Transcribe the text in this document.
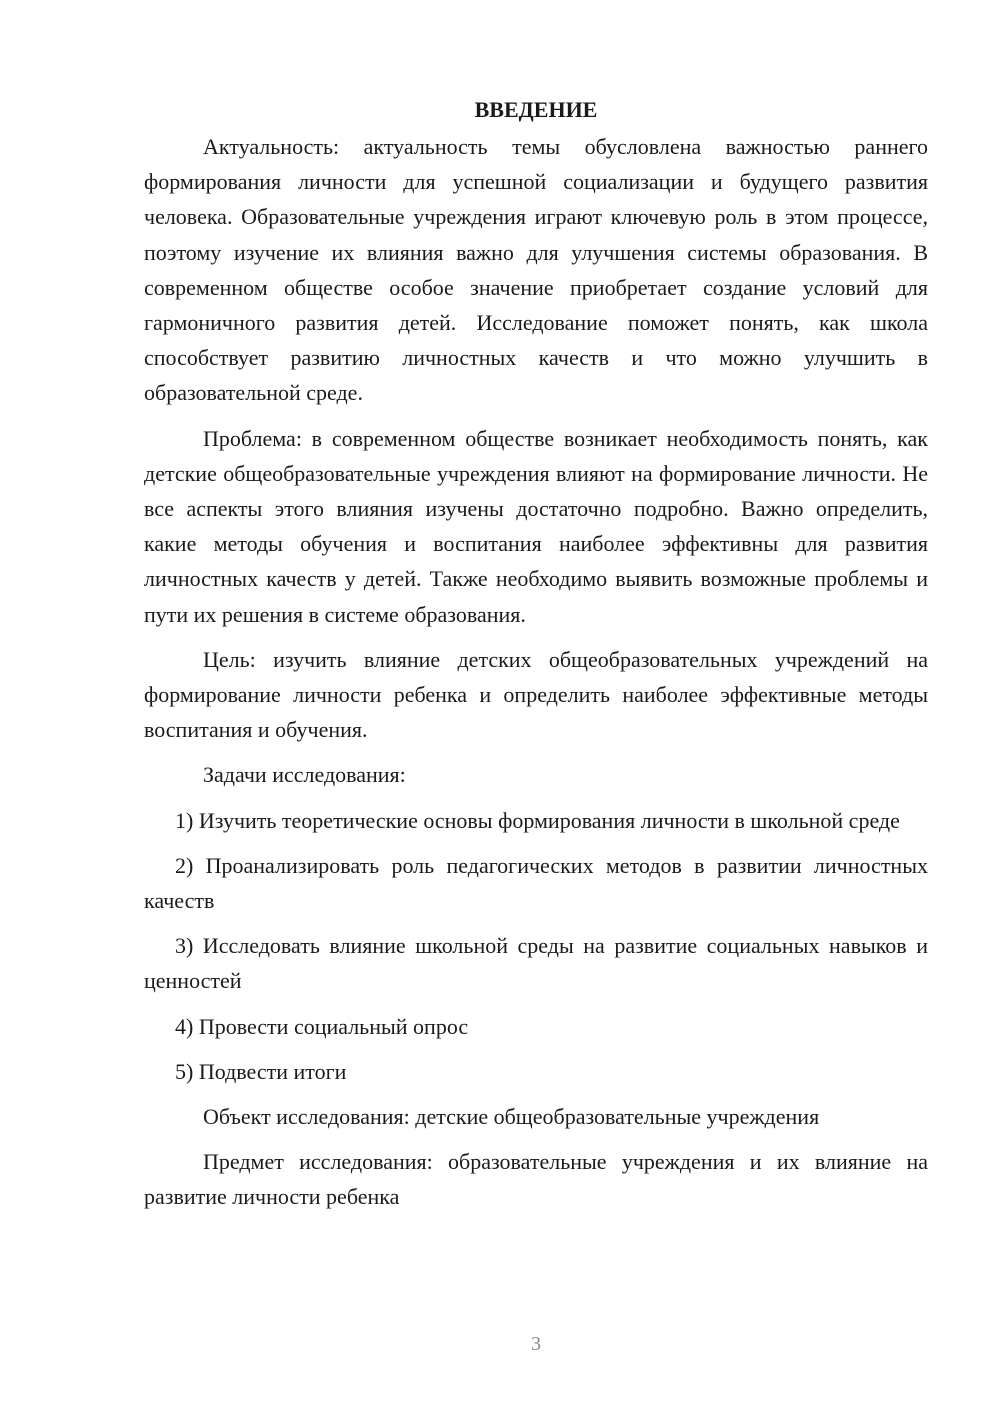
ВВЕДЕНИЕ

Актуальность: актуальность темы обусловлена важностью раннего формирования личности для успешной социализации и будущего развития человека. Образовательные учреждения играют ключевую роль в этом процессе, поэтому изучение их влияния важно для улучшения системы образования. В современном обществе особое значение приобретает создание условий для гармоничного развития детей. Исследование поможет понять, как школа способствует развитию личностных качеств и что можно улучшить в образовательной среде.

Проблема: в современном обществе возникает необходимость понять, как детские общеобразовательные учреждения влияют на формирование личности. Не все аспекты этого влияния изучены достаточно подробно. Важно определить, какие методы обучения и воспитания наиболее эффективны для развития личностных качеств у детей. Также необходимо выявить возможные проблемы и пути их решения в системе образования.

Цель: изучить влияние детских общеобразовательных учреждений на формирование личности ребенка и определить наиболее эффективные методы воспитания и обучения.

Задачи исследования:

1) Изучить теоретические основы формирования личности в школьной среде

2) Проанализировать роль педагогических методов в развитии личностных качеств

3) Исследовать влияние школьной среды на развитие социальных навыков и ценностей

4) Провести социальный опрос

5) Подвести итоги

Объект исследования: детские общеобразовательные учреждения

Предмет исследования: образовательные учреждения и их влияние на развитие личности ребенка

3
